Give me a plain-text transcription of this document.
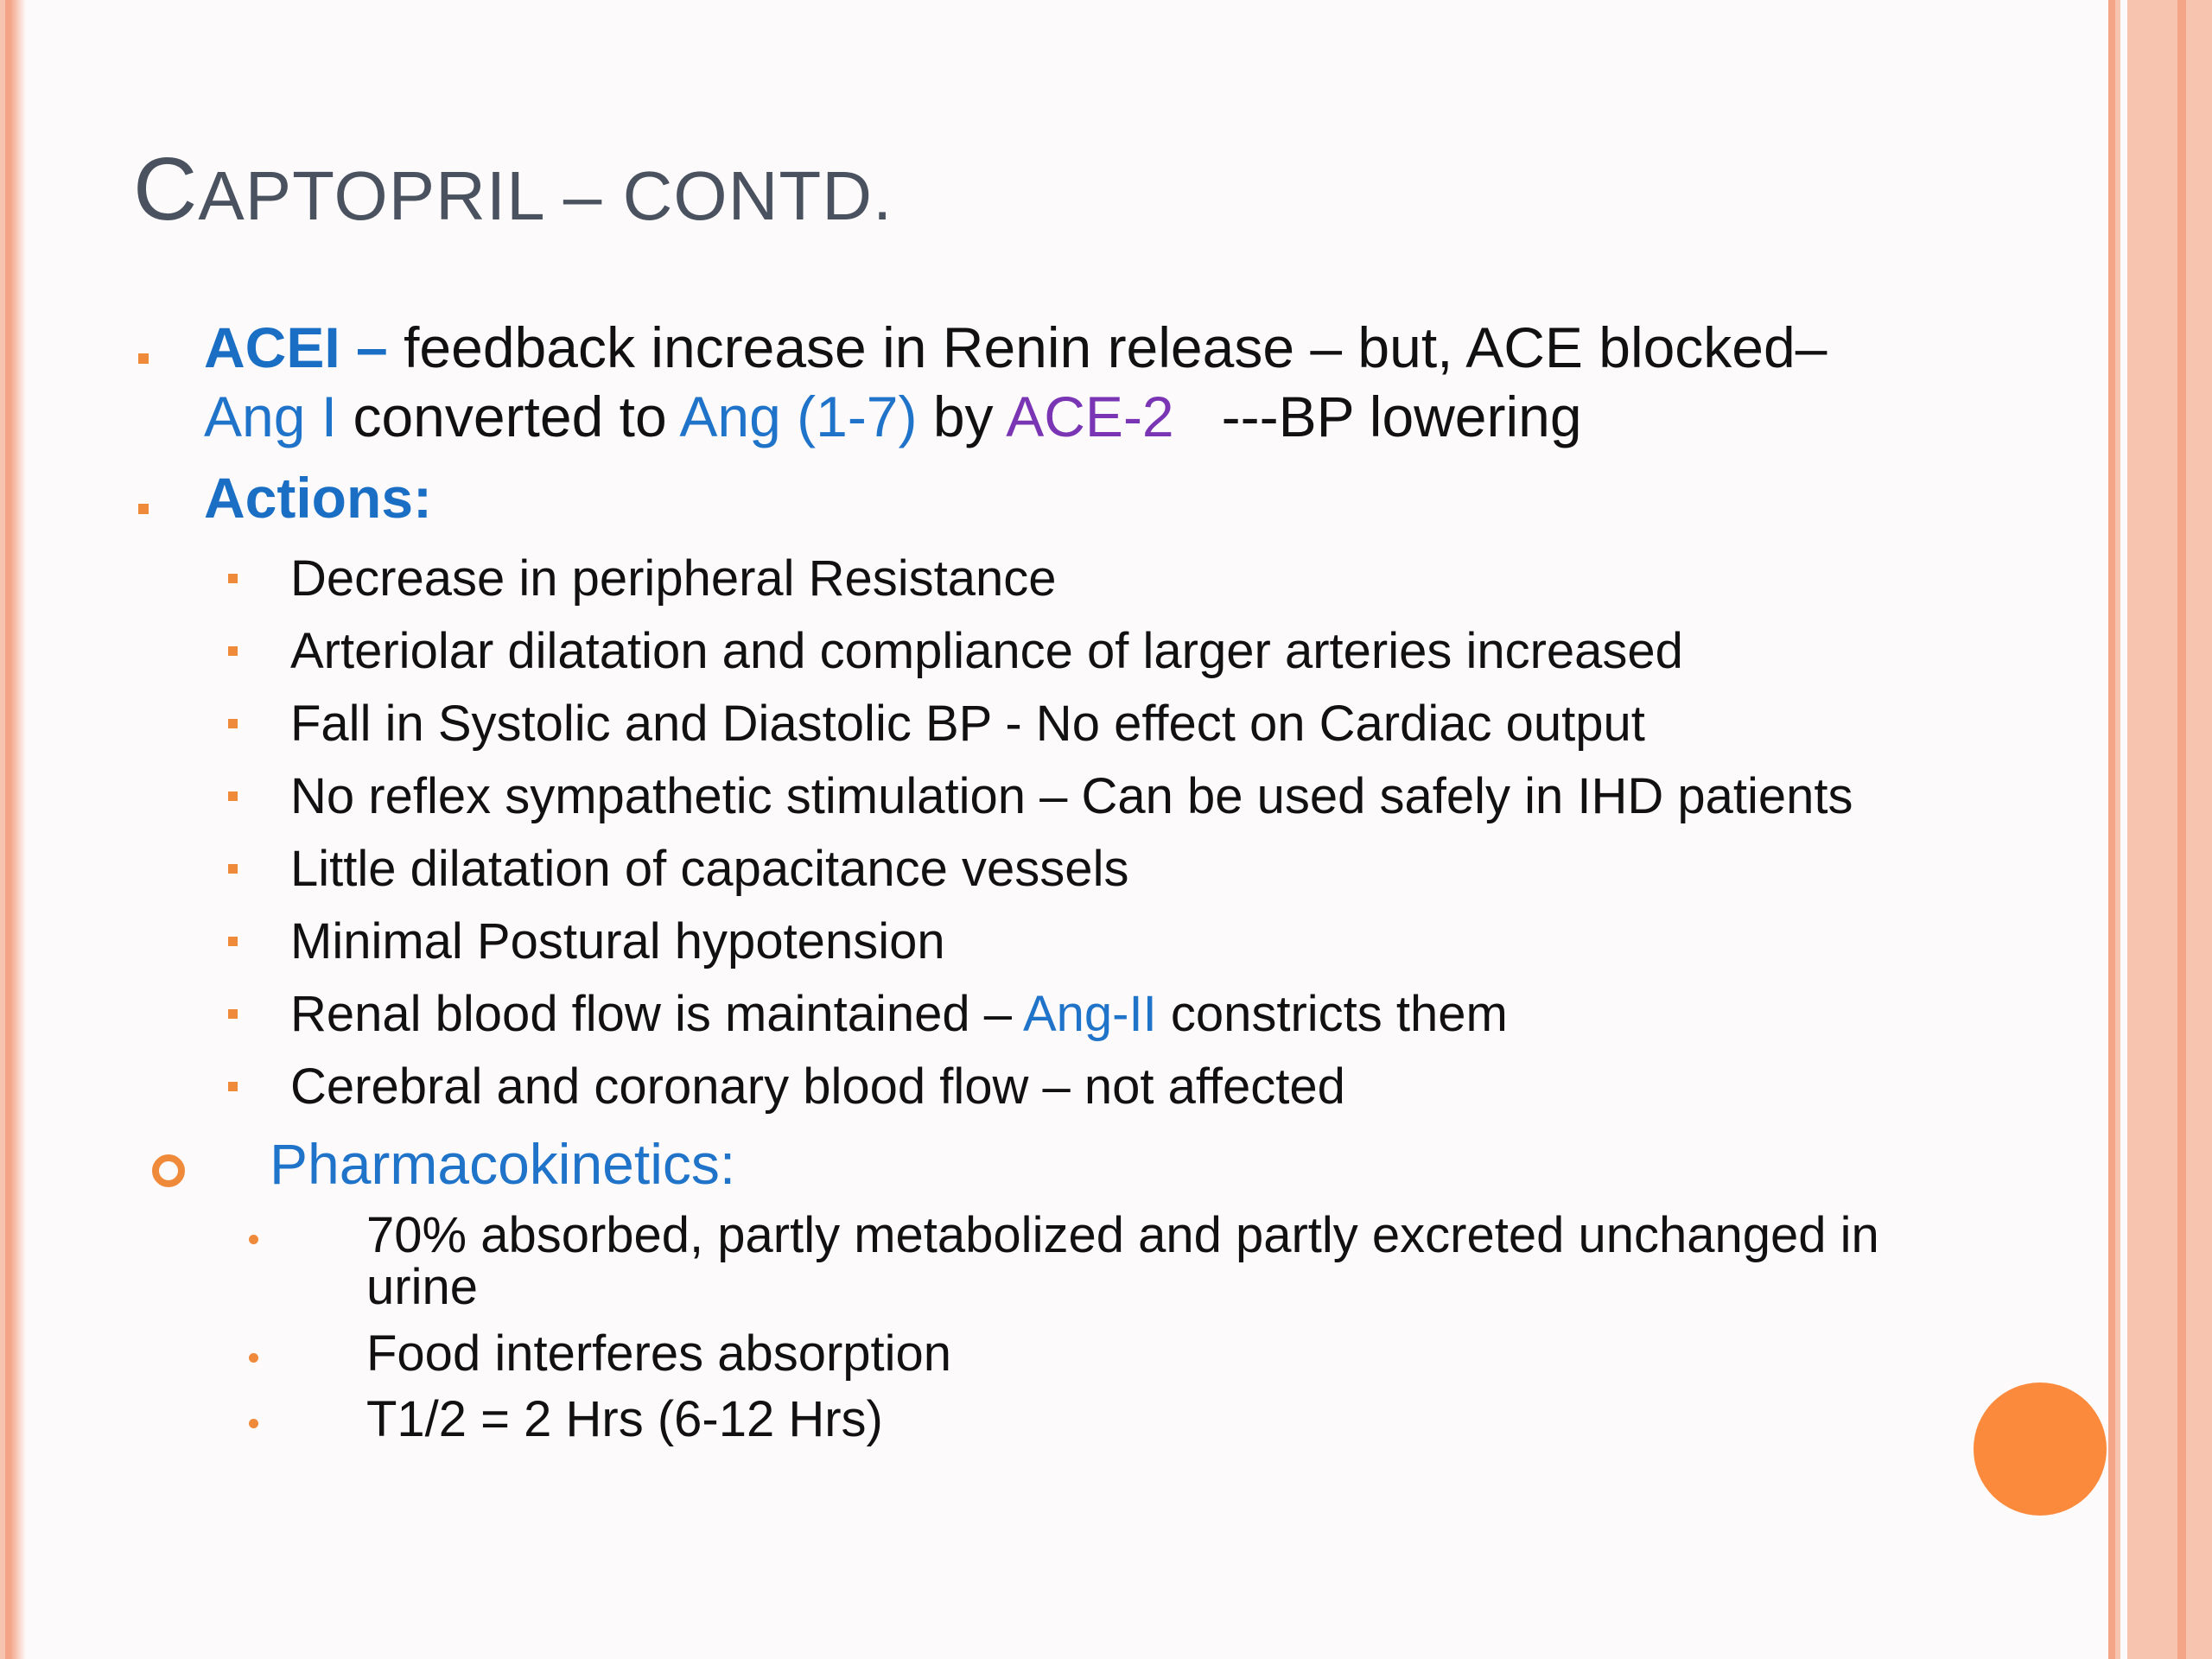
CAPTOPRIL – CONTD.
ACEI – feedback increase in Renin release – but, ACE blocked–
Ang I converted to Ang (1-7) by ACE-2   ---BP lowering
Actions:
Decrease in peripheral Resistance
Arteriolar dilatation and compliance of larger arteries increased
Fall in Systolic and Diastolic BP - No effect on Cardiac output
No reflex sympathetic stimulation – Can be used safely in IHD patients
Little dilatation of capacitance vessels
Minimal Postural hypotension
Renal blood flow is maintained – Ang-II constricts them
Cerebral and coronary blood flow – not affected
Pharmacokinetics:
70% absorbed, partly metabolized and partly excreted unchanged in
urine
Food interferes absorption
T1/2 = 2 Hrs (6-12 Hrs)
